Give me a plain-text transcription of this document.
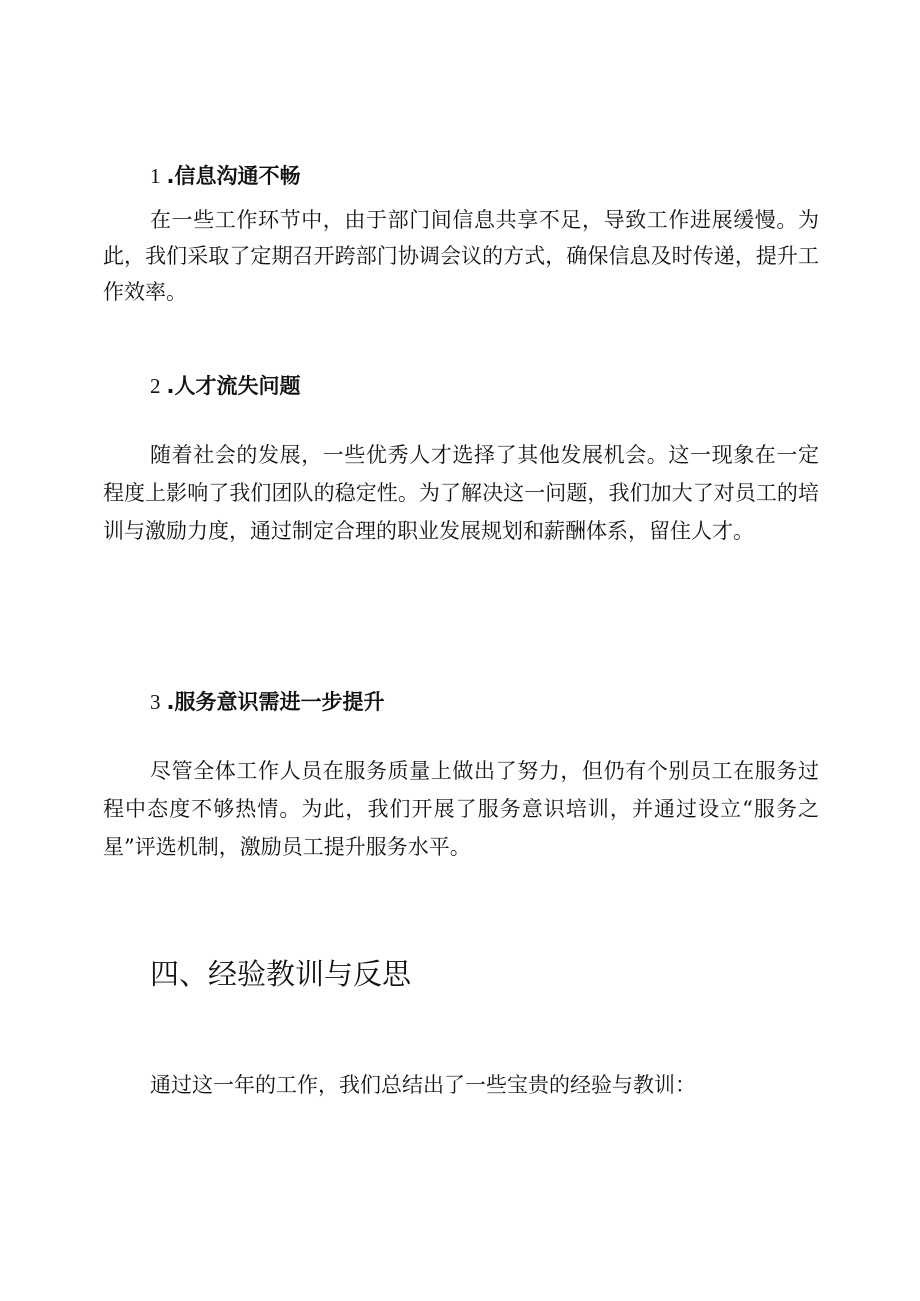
1 .信息沟通不畅

在一些工作环节中，由于部门间信息共享不足，导致工作进展缓慢。为此，我们采取了定期召开跨部门协调会议的方式，确保信息及时传递，提升工作效率。

2 .人才流失问题

随着社会的发展，一些优秀人才选择了其他发展机会。这一现象在一定程度上影响了我们团队的稳定性。为了解决这一问题，我们加大了对员工的培训与激励力度，通过制定合理的职业发展规划和薪酬体系，留住人才。

3 .服务意识需进一步提升

尽管全体工作人员在服务质量上做出了努力，但仍有个别员工在服务过程中态度不够热情。为此，我们开展了服务意识培训，并通过设立“服务之星”评选机制，激励员工提升服务水平。

四、经验教训与反思

通过这一年的工作，我们总结出了一些宝贵的经验与教训：
